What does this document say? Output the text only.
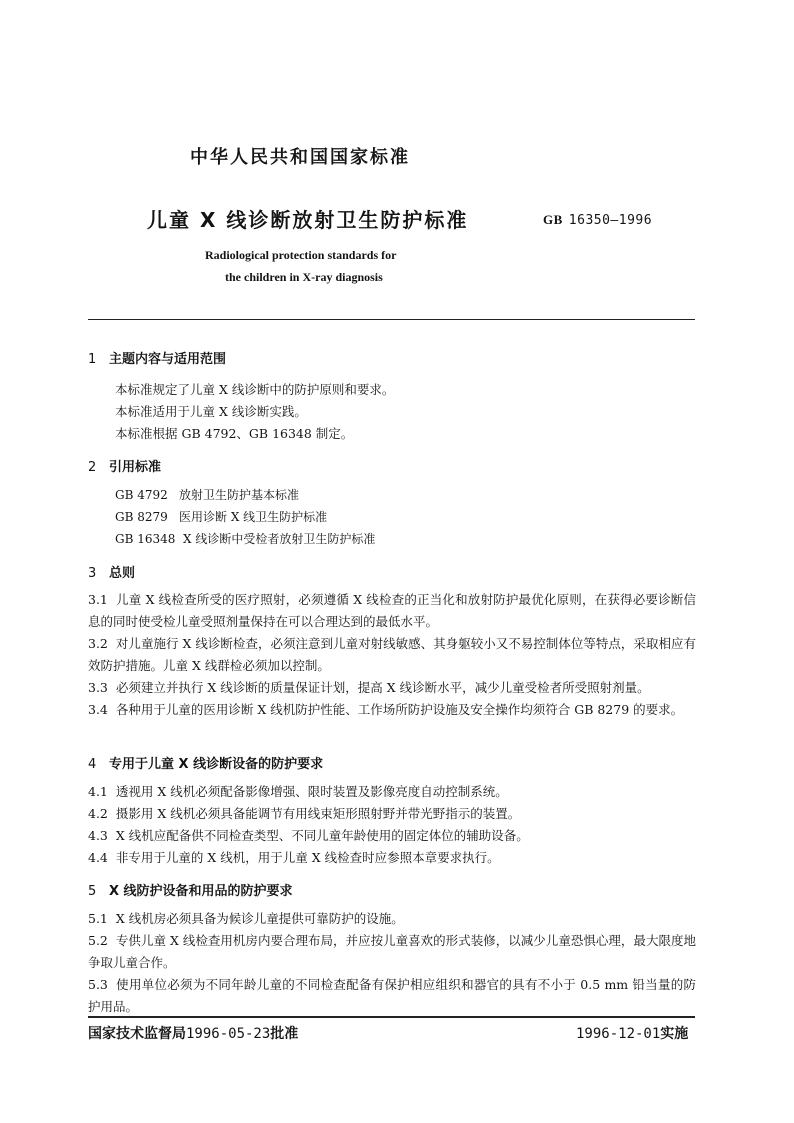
中华人民共和国国家标准
儿童 X 线诊断放射卫生防护标准	GB 16350—1996
Radiological protection standards for
the children in X-ray diagnosis
1 主题内容与适用范围
本标准规定了儿童 X 线诊断中的防护原则和要求。
本标准适用于儿童 X 线诊断实践。
本标准根据 GB 4792、GB 16348 制定。
2 引用标准
GB 4792 放射卫生防护基本标准
GB 8279 医用诊断 X 线卫生防护标准
GB 16348 X 线诊断中受检者放射卫生防护标准
3 总则
3.1 儿童 X 线检查所受的医疗照射，必须遵循 X 线检查的正当化和放射防护最优化原则，在获得必要诊断信息的同时使受检儿童受照剂量保持在可以合理达到的最低水平。
3.2 对儿童施行 X 线诊断检查，必须注意到儿童对射线敏感、其身躯较小又不易控制体位等特点，采取相应有效防护措施。儿童 X 线群检必须加以控制。
3.3 必须建立并执行 X 线诊断的质量保证计划，提高 X 线诊断水平，减少儿童受检者所受照射剂量。
3.4 各种用于儿童的医用诊断 X 线机防护性能、工作场所防护设施及安全操作均须符合 GB 8279 的要求。
4 专用于儿童 X 线诊断设备的防护要求
4.1 透视用 X 线机必须配备影像增强、限时装置及影像亮度自动控制系统。
4.2 摄影用 X 线机必须具备能调节有用线束矩形照射野并带光野指示的装置。
4.3 X 线机应配备供不同检查类型、不同儿童年龄使用的固定体位的辅助设备。
4.4 非专用于儿童的 X 线机，用于儿童 X 线检查时应参照本章要求执行。
5 X 线防护设备和用品的防护要求
5.1 X 线机房必须具备为候诊儿童提供可靠防护的设施。
5.2 专供儿童 X 线检查用机房内要合理布局，并应按儿童喜欢的形式装修，以减少儿童恐惧心理，最大限度地争取儿童合作。
5.3 使用单位必须为不同年龄儿童的不同检查配备有保护相应组织和器官的具有不小于 0.5 mm 铅当量的防护用品。
国家技术监督局1996-05-23批准	1996-12-01实施
